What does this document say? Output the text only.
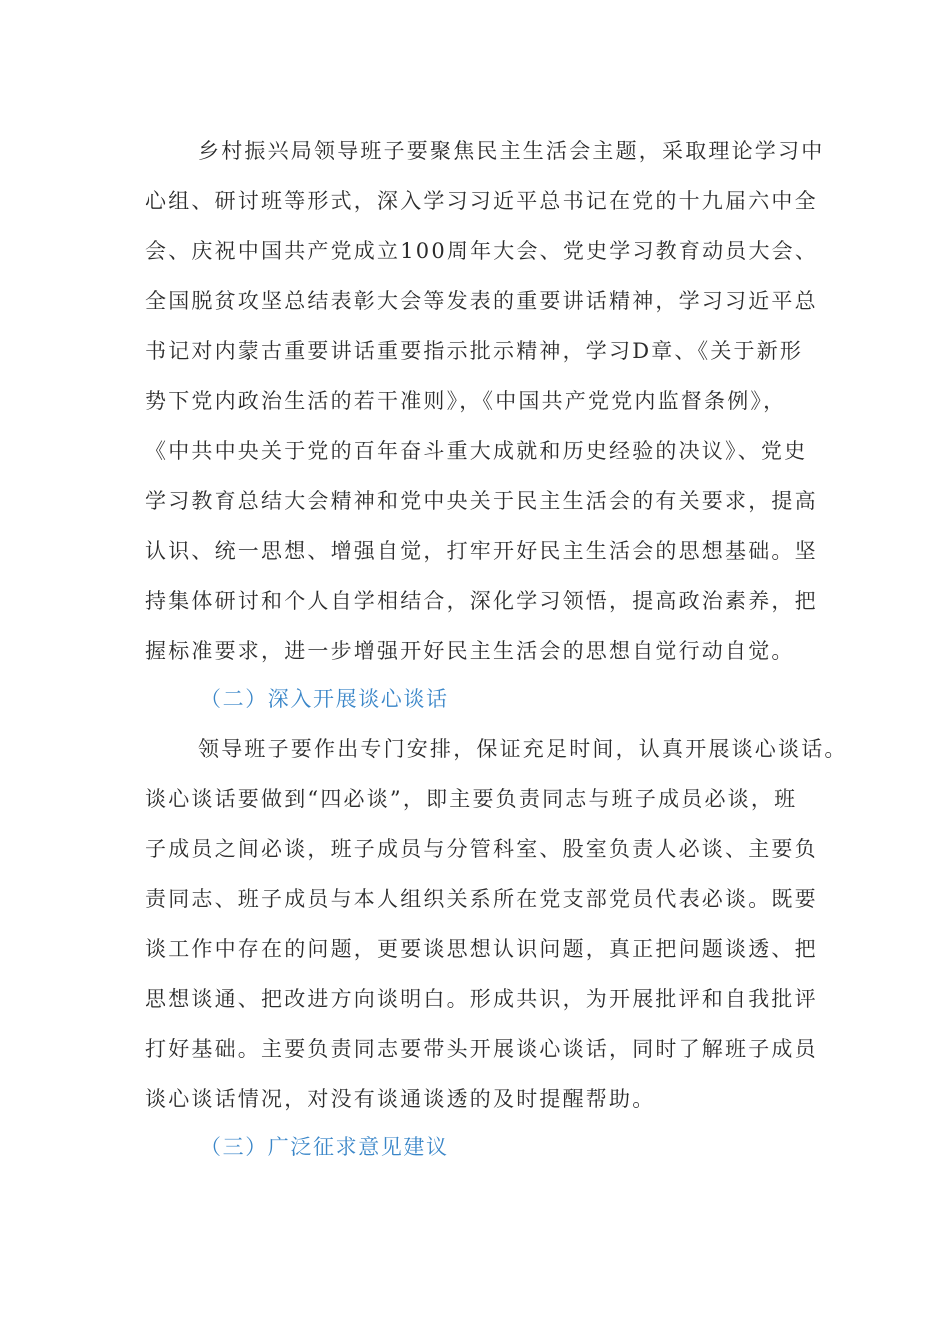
乡村振兴局领导班子要聚焦民主生活会主题，采取理论学习中
心组、研讨班等形式，深入学习习近平总书记在党的十九届六中全
会、庆祝中国共产党成立100周年大会、党史学习教育动员大会、
全国脱贫攻坚总结表彰大会等发表的重要讲话精神，学习习近平总
书记对内蒙古重要讲话重要指示批示精神，学习D章、《关于新形
势下党内政治生活的若干准则》，《中国共产党党内监督条例》，
《中共中央关于党的百年奋斗重大成就和历史经验的决议》、党史
学习教育总结大会精神和党中央关于民主生活会的有关要求，提高
认识、统一思想、增强自觉，打牢开好民主生活会的思想基础。坚
持集体研讨和个人自学相结合，深化学习领悟，提高政治素养，把
握标准要求，进一步增强开好民主生活会的思想自觉行动自觉。
（二）深入开展谈心谈话
领导班子要作出专门安排，保证充足时间，认真开展谈心谈话。
谈心谈话要做到“四必谈”，即主要负责同志与班子成员必谈，班
子成员之间必谈，班子成员与分管科室、股室负责人必谈、主要负
责同志、班子成员与本人组织关系所在党支部党员代表必谈。既要
谈工作中存在的问题，更要谈思想认识问题，真正把问题谈透、把
思想谈通、把改进方向谈明白。形成共识，为开展批评和自我批评
打好基础。主要负责同志要带头开展谈心谈话，同时了解班子成员
谈心谈话情况，对没有谈通谈透的及时提醒帮助。
（三）广泛征求意见建议
